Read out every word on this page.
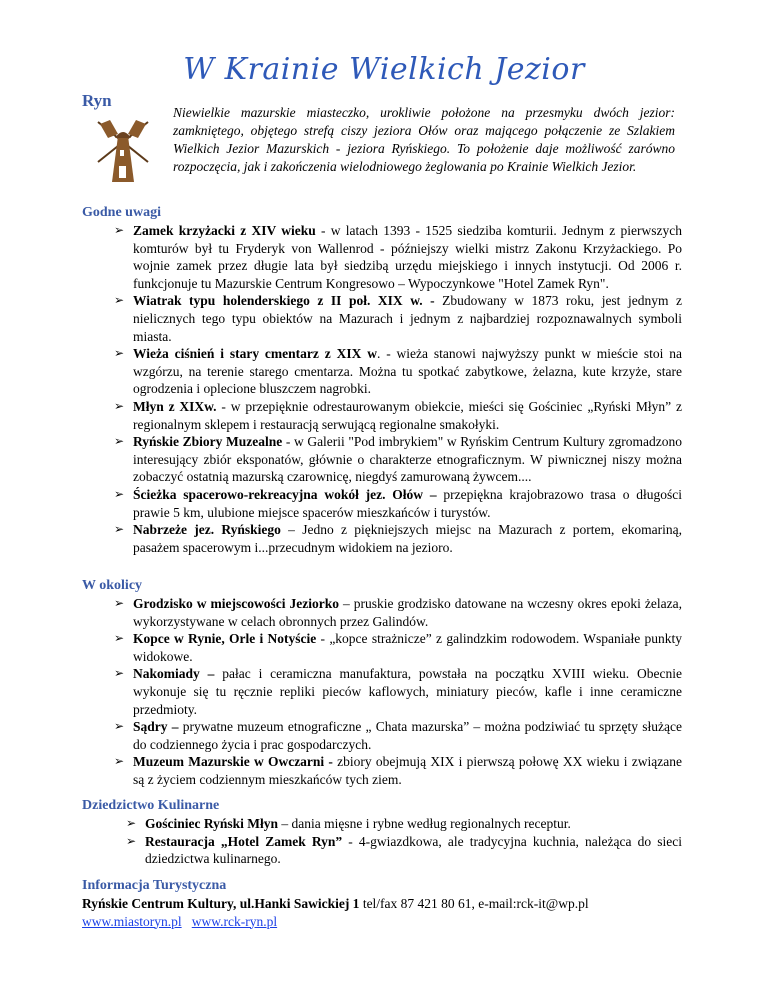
W Krainie Wielkich Jezior
Ryn
Niewielkie mazurskie miasteczko, urokliwie położone na przesmyku dwóch jezior: zamkniętego, objętego strefą ciszy jeziora Ołów oraz mającego połączenie ze Szlakiem Wielkich Jezior Mazurskich - jeziora Ryńskiego. To położenie daje możliwość zarówno rozpoczęcia, jak i zakończenia wielodniowego żeglowania po Krainie Wielkich Jezior.
Godne uwagi
➢ Zamek krzyżacki z XIV wieku - w latach 1393 - 1525 siedziba komturii. Jednym z pierwszych komturów był tu Fryderyk von Wallenrod - późniejszy wielki mistrz Zakonu Krzyżackiego. Po wojnie zamek przez długie lata był siedzibą urzędu miejskiego i innych instytucji. Od 2006 r. funkcjonuje tu Mazurskie Centrum Kongresowo – Wypoczynkowe "Hotel Zamek Ryn".
➢ Wiatrak typu holenderskiego z II poł. XIX w. - Zbudowany w 1873 roku, jest jednym z nielicznych tego typu obiektów na Mazurach i jednym z najbardziej rozpoznawalnych symboli miasta.
➢ Wieża ciśnień i stary cmentarz z XIX w. - wieża stanowi najwyższy punkt w mieście stoi na wzgórzu, na terenie starego cmentarza. Można tu spotkać zabytkowe, żelazna, kute krzyże, stare ogrodzenia i oplecione bluszczem nagrobki.
➢ Młyn z XIXw. - w przepięknie odrestaurowanym obiekcie, mieści się Gościniec „Ryński Młyn” z regionalnym sklepem i restauracją serwującą regionalne smakołyki.
➢ Ryńskie Zbiory Muzealne - w Galerii "Pod imbrykiem" w Ryńskim Centrum Kultury zgromadzono interesujący zbiór eksponatów, głównie o charakterze etnograficznym. W piwnicznej niszy można zobaczyć ostatnią mazurską czarownicę, niegdyś zamurowaną żywcem....
➢ Ścieżka spacerowo-rekreacyjna wokół jez. Ołów – przepiękna krajobrazowo trasa o długości prawie 5 km, ulubione miejsce spacerów mieszkańców i turystów.
➢ Nabrzeże jez. Ryńskiego – Jedno z piękniejszych miejsc na Mazurach z portem, ekomariną, pasażem spacerowym i...przecudnym widokiem na jezioro.
W okolicy
➢ Grodzisko w miejscowości Jeziorko – pruskie grodzisko datowane na wczesny okres epoki żelaza, wykorzystywane w celach obronnych przez Galindów.
➢ Kopce w Rynie, Orle i Notyście - „kopce strażnicze” z galindzkim rodowodem. Wspaniałe punkty widokowe.
➢ Nakomiady – pałac i ceramiczna manufaktura, powstała na początku XVIII wieku. Obecnie wykonuje się tu ręcznie repliki pieców kaflowych, miniatury pieców, kafle i inne ceramiczne przedmioty.
➢ Sądry – prywatne muzeum etnograficzne „ Chata mazurska” – można podziwiać tu sprzęty służące do codziennego życia i prac gospodarczych.
➢ Muzeum Mazurskie w Owczarni - zbiory obejmują XIX i pierwszą połowę XX wieku i związane są z życiem codziennym mieszkańców tych ziem.
Dziedzictwo Kulinarne
➢ Gościniec Ryński Młyn – dania mięsne i rybne według regionalnych receptur.
➢ Restauracja „Hotel Zamek Ryn” - 4-gwiazdkowa, ale tradycyjna kuchnia, należąca do sieci dziedzictwa kulinarnego.
Informacja Turystyczna
Ryńskie Centrum Kultury, ul.Hanki Sawickiej 1 tel/fax 87 421 80 61, e-mail:rck-it@wp.pl
www.miastoryn.pl www.rck-ryn.pl
